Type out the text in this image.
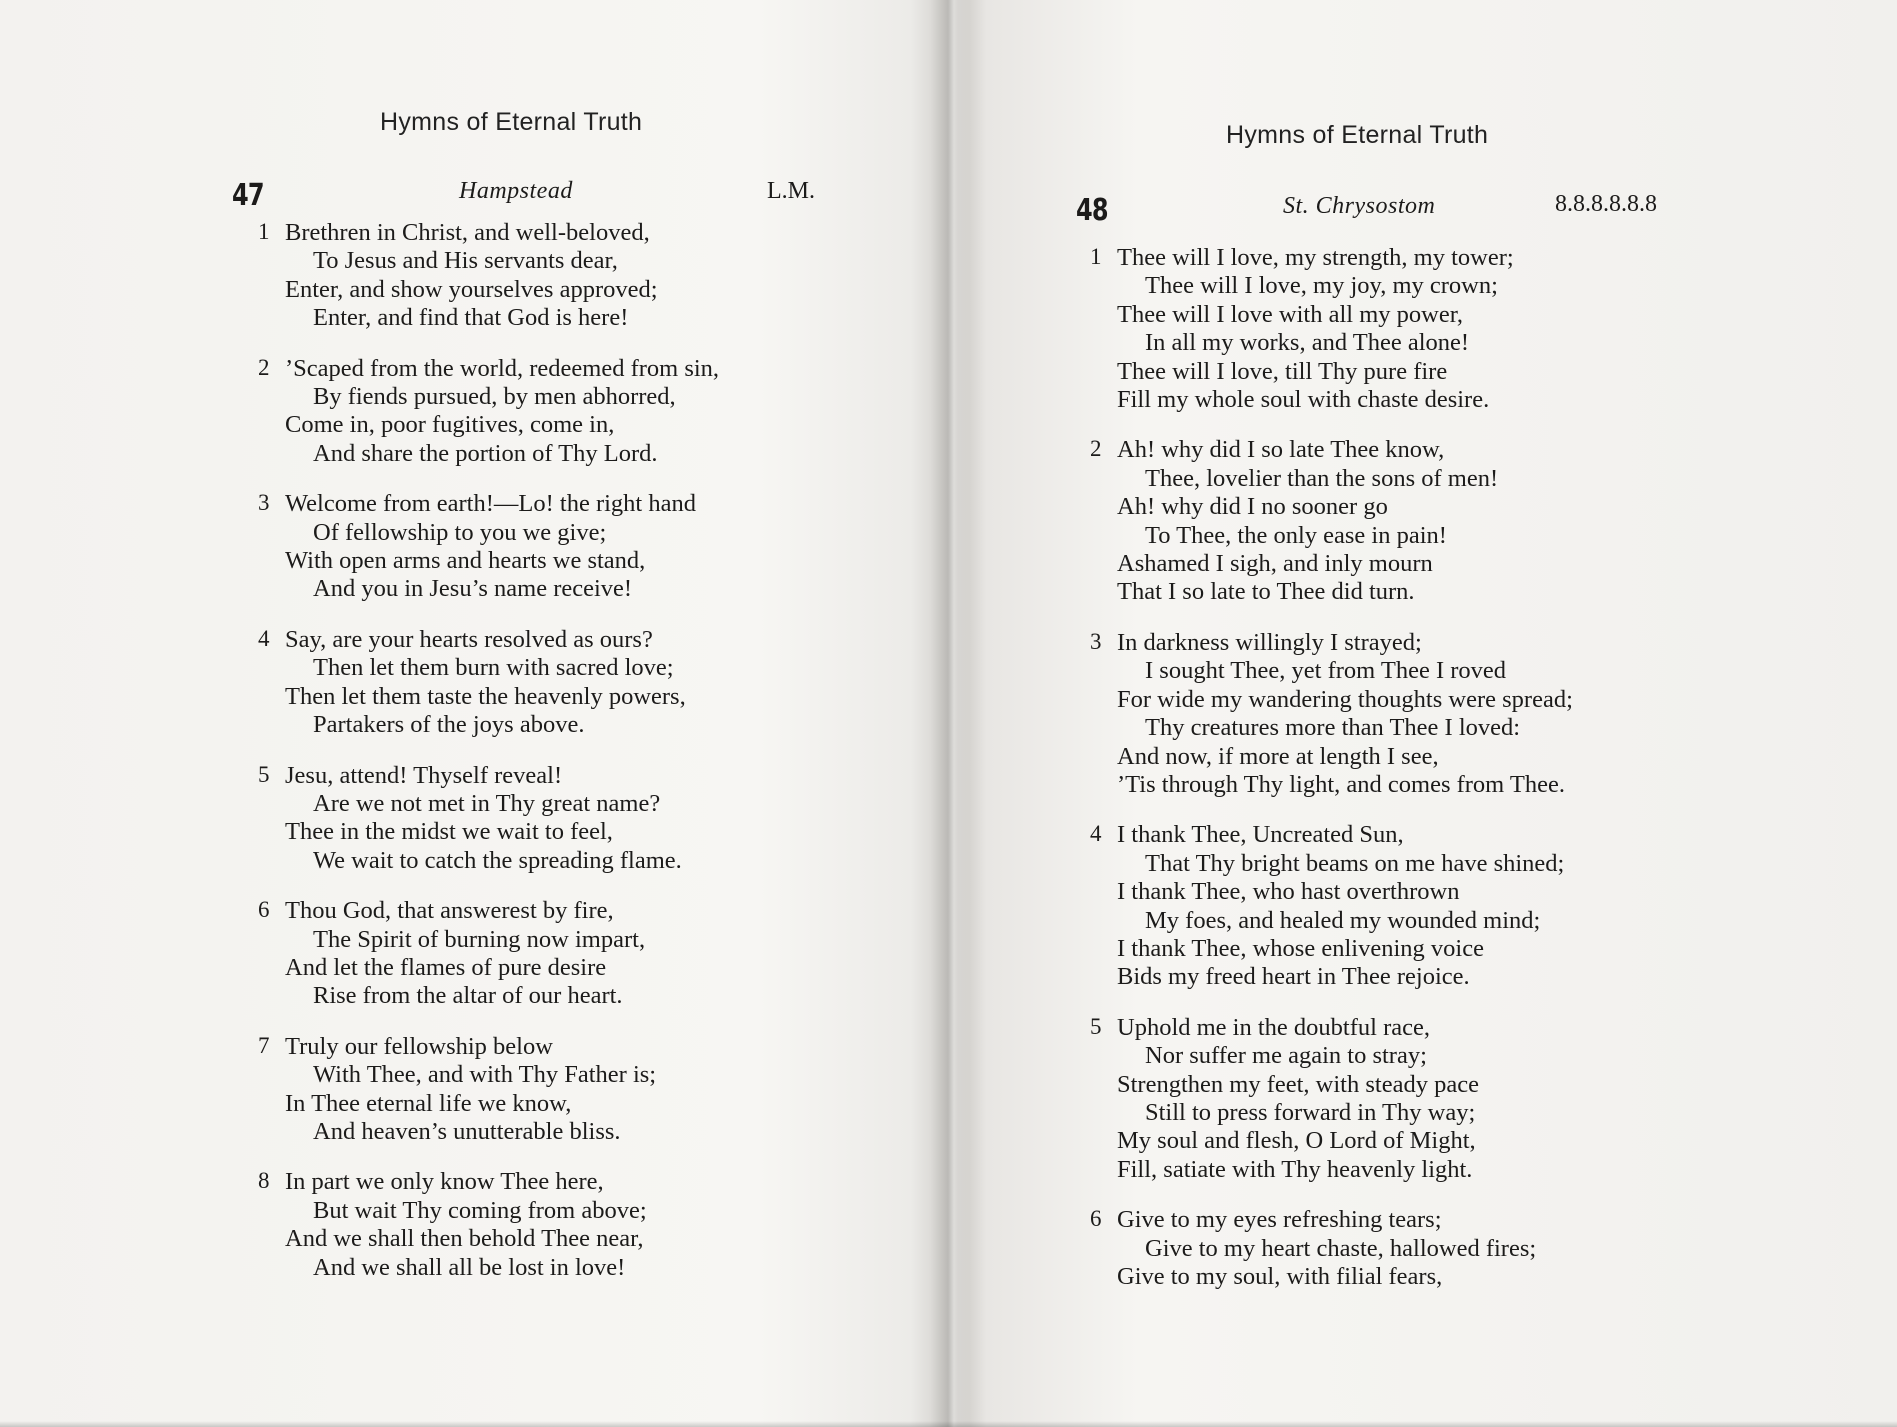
Hymns of Eternal Truth
47	Hampstead	L.M.
1 Brethren in Christ, and well-beloved,
To Jesus and His servants dear,
Enter, and show yourselves approved;
Enter, and find that God is here!
2 ’Scaped from the world, redeemed from sin,
By fiends pursued, by men abhorred,
Come in, poor fugitives, come in,
And share the portion of Thy Lord.
3 Welcome from earth!—Lo! the right hand
Of fellowship to you we give;
With open arms and hearts we stand,
And you in Jesu’s name receive!
4 Say, are your hearts resolved as ours?
Then let them burn with sacred love;
Then let them taste the heavenly powers,
Partakers of the joys above.
5 Jesu, attend! Thyself reveal!
Are we not met in Thy great name?
Thee in the midst we wait to feel,
We wait to catch the spreading flame.
6 Thou God, that answerest by fire,
The Spirit of burning now impart,
And let the flames of pure desire
Rise from the altar of our heart.
7 Truly our fellowship below
With Thee, and with Thy Father is;
In Thee eternal life we know,
And heaven’s unutterable bliss.
8 In part we only know Thee here,
But wait Thy coming from above;
And we shall then behold Thee near,
And we shall all be lost in love!
Hymns of Eternal Truth
48	St. Chrysostom	8.8.8.8.8.8
1 Thee will I love, my strength, my tower;
Thee will I love, my joy, my crown;
Thee will I love with all my power,
In all my works, and Thee alone!
Thee will I love, till Thy pure fire
Fill my whole soul with chaste desire.
2 Ah! why did I so late Thee know,
Thee, lovelier than the sons of men!
Ah! why did I no sooner go
To Thee, the only ease in pain!
Ashamed I sigh, and inly mourn
That I so late to Thee did turn.
3 In darkness willingly I strayed;
I sought Thee, yet from Thee I roved
For wide my wandering thoughts were spread;
Thy creatures more than Thee I loved:
And now, if more at length I see,
’Tis through Thy light, and comes from Thee.
4 I thank Thee, Uncreated Sun,
That Thy bright beams on me have shined;
I thank Thee, who hast overthrown
My foes, and healed my wounded mind;
I thank Thee, whose enlivening voice
Bids my freed heart in Thee rejoice.
5 Uphold me in the doubtful race,
Nor suffer me again to stray;
Strengthen my feet, with steady pace
Still to press forward in Thy way;
My soul and flesh, O Lord of Might,
Fill, satiate with Thy heavenly light.
6 Give to my eyes refreshing tears;
Give to my heart chaste, hallowed fires;
Give to my soul, with filial fears,
